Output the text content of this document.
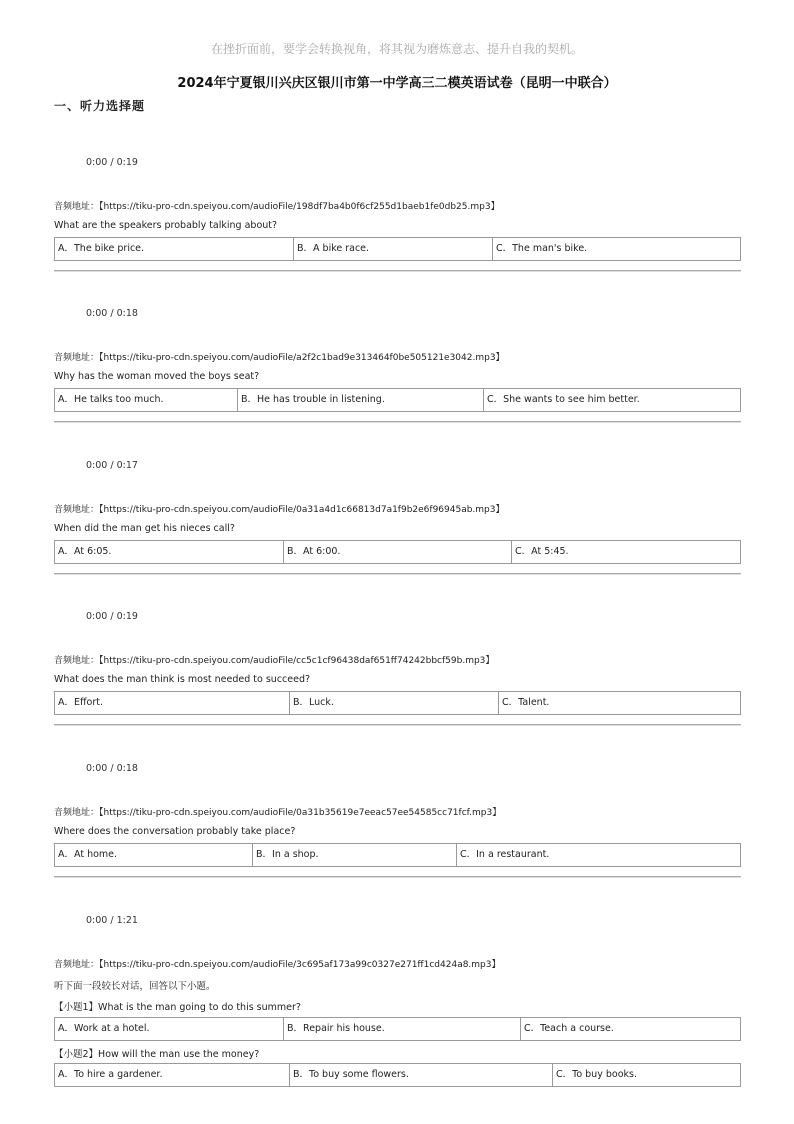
在挫折面前，要学会转换视角，将其视为磨炼意志、提升自我的契机。
2024年宁夏银川兴庆区银川市第一中学高三二模英语试卷（昆明一中联合）
一、听力选择题
0:00 / 0:19
音频地址：【https://tiku-pro-cdn.speiyou.com/audioFile/198df7ba4b0f6cf255d1baeb1fe0db25.mp3】
What are the speakers probably talking about?
A．The bike price.	B．A bike race.	C．The man's bike.
0:00 / 0:18
音频地址：【https://tiku-pro-cdn.speiyou.com/audioFile/a2f2c1bad9e313464f0be505121e3042.mp3】
Why has the woman moved the boys seat?
A．He talks too much.	B．He has trouble in listening.	C．She wants to see him better.
0:00 / 0:17
音频地址：【https://tiku-pro-cdn.speiyou.com/audioFile/0a31a4d1c66813d7a1f9b2e6f96945ab.mp3】
When did the man get his nieces call?
A．At 6:05.	B．At 6:00.	C．At 5:45.
0:00 / 0:19
音频地址：【https://tiku-pro-cdn.speiyou.com/audioFile/cc5c1cf96438daf651ff74242bbcf59b.mp3】
What does the man think is most needed to succeed?
A．Effort.	B．Luck.	C．Talent.
0:00 / 0:18
音频地址：【https://tiku-pro-cdn.speiyou.com/audioFile/0a31b35619e7eeac57ee54585cc71fcf.mp3】
Where does the conversation probably take place?
A．At home.	B．In a shop.	C．In a restaurant.
0:00 / 1:21
音频地址：【https://tiku-pro-cdn.speiyou.com/audioFile/3c695af173a99c0327e271ff1cd424a8.mp3】
听下面一段较长对话，回答以下小题。
【小题1】What is the man going to do this summer?
A．Work at a hotel.	B．Repair his house.	C．Teach a course.
【小题2】How will the man use the money?
A．To hire a gardener.	B．To buy some flowers.	C．To buy books.
